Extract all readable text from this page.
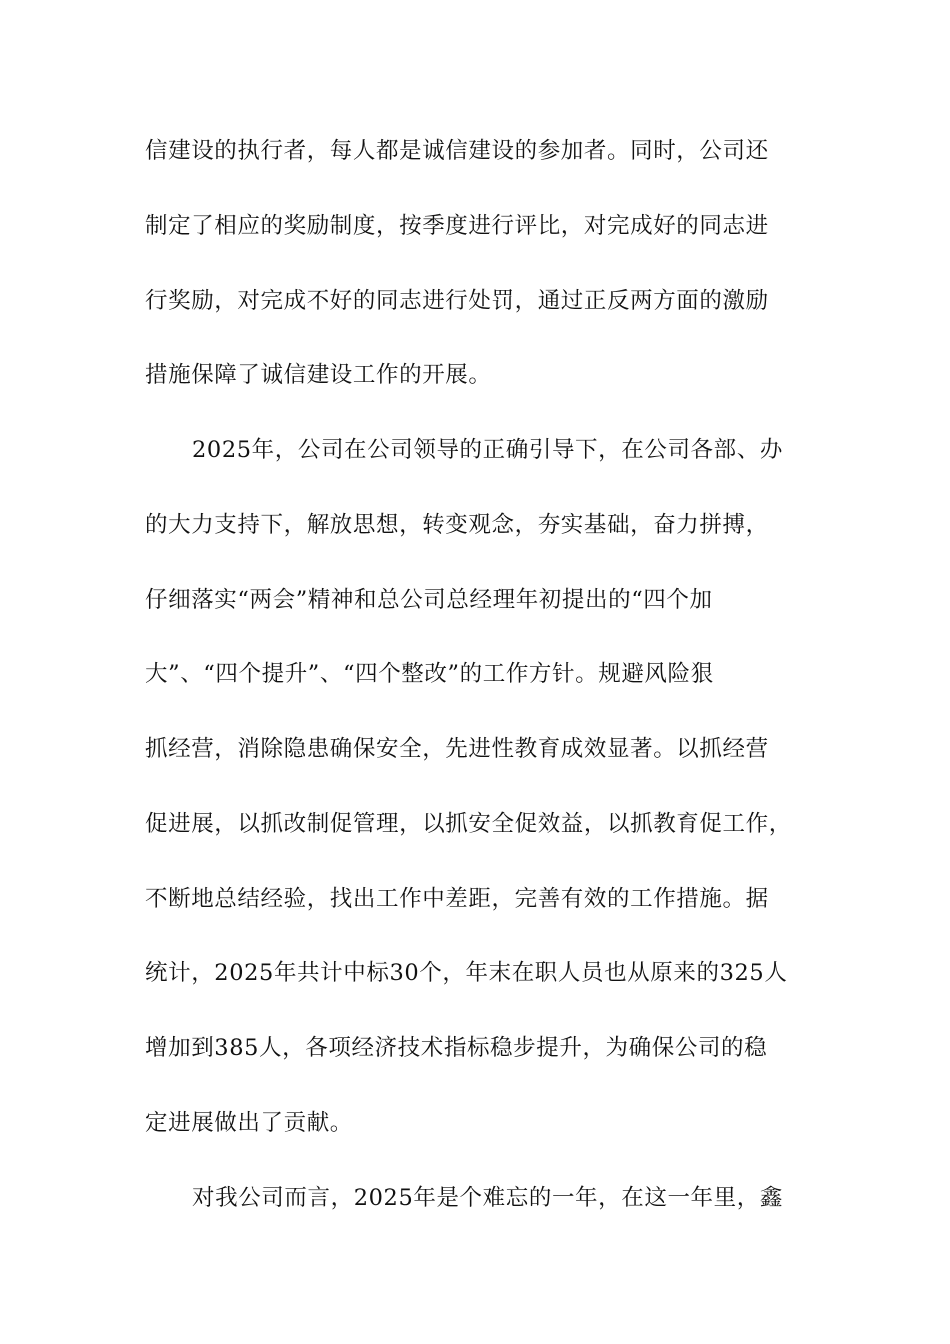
信建设的执行者，每人都是诚信建设的参加者。同时，公司还
制定了相应的奖励制度，按季度进行评比，对完成好的同志进
行奖励，对完成不好的同志进行处罚，通过正反两方面的激励
措施保障了诚信建设工作的开展。
2025年，公司在公司领导的正确引导下，在公司各部、办
的大力支持下，解放思想，转变观念，夯实基础，奋力拼搏，
仔细落实“两会”精神和总公司总经理年初提出的“四个加
大”、“四个提升”、“四个整改”的工作方针。规避风险狠
抓经营，消除隐患确保安全，先进性教育成效显著。以抓经营
促进展，以抓改制促管理，以抓安全促效益，以抓教育促工作，
不断地总结经验，找出工作中差距，完善有效的工作措施。据
统计，2025年共计中标30个，年末在职人员也从原来的325人
增加到385人，各项经济技术指标稳步提升，为确保公司的稳
定进展做出了贡献。
对我公司而言，2025年是个难忘的一年，在这一年里，鑫
